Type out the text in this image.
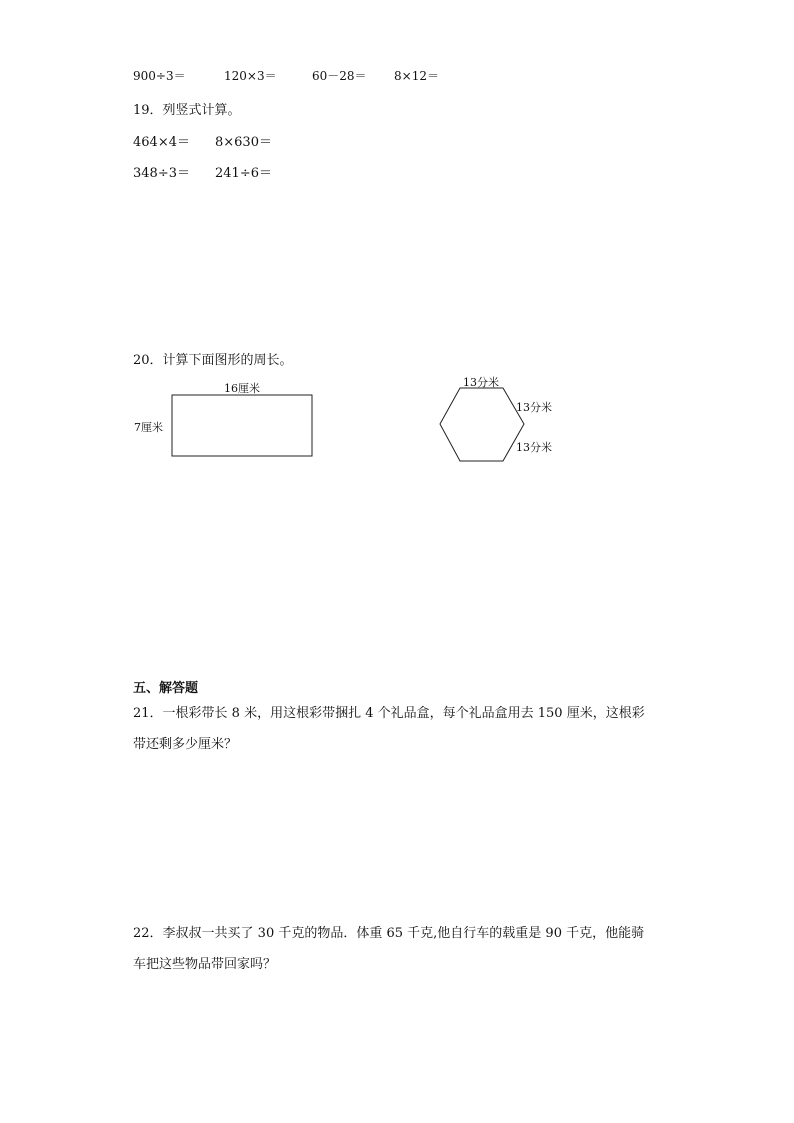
900÷3＝	120×3＝	60－28＝ 8×12＝
19．列竖式计算。
464×4＝ 8×630＝
348÷3＝ 241÷6＝
20．计算下面图形的周长。
16厘米
7厘米
13分米
13分米
13分米
五、解答题
21．一根彩带长 8 米，用这根彩带捆扎 4 个礼品盒，每个礼品盒用去 150 厘米，这根彩
带还剩多少厘米？
22．李叔叔一共买了 30 千克的物品．体重 65 千克,他自行车的载重是 90 千克，他能骑
车把这些物品带回家吗？
